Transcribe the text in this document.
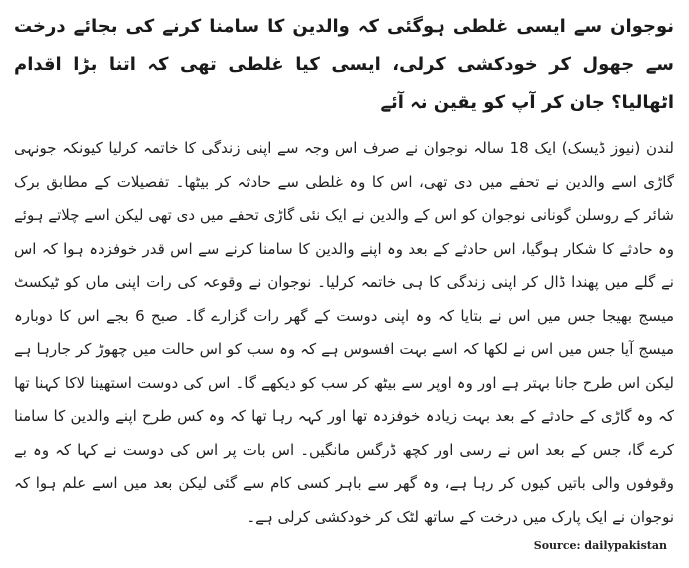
نوجوان سے ایسی غلطی ہوگئی کہ والدین کا سامنا کرنے کی بجائے درخت سے جھول کر خودکشی کرلی، ایسی کیا غلطی تھی کہ اتنا بڑا اقدام اٹھالیا؟ جان کر آپ کو یقین نہ آئے

لندن (نیوز ڈیسک) ایک 18 سالہ نوجوان نے صرف اس وجہ سے اپنی زندگی کا خاتمہ کرلیا کیونکہ جونہی گاڑی اسے والدین نے تحفے میں دی تھی، اس کا وہ غلطی سے حادثہ کر بیٹھا۔ تفصیلات کے مطابق برک شائر کے روسلن گونانی نوجوان کو اس کے والدین نے ایک نئی گاڑی تحفے میں دی تھی لیکن اسے چلاتے ہوئے وہ حادثے کا شکار ہوگیا، اس حادثے کے بعد وہ اپنے والدین کا سامنا کرنے سے اس قدر خوفزدہ ہوا کہ اس نے گلے میں پھندا ڈال کر اپنی زندگی کا ہی خاتمہ کرلیا۔ نوجوان نے وقوعہ کی رات اپنی ماں کو ٹیکسٹ میسج بھیجا جس میں اس نے بتایا کہ وہ اپنی دوست کے گھر رات گزارے گا۔ صبح 6 بجے اس کا دوبارہ میسج آیا جس میں اس نے لکھا کہ اسے بہت افسوس ہے کہ وہ سب کو اس حالت میں چھوڑ کر جارہا ہے لیکن اس طرح جانا بہتر ہے اور وہ اوپر سے بیٹھ کر سب کو دیکھے گا۔ اس کی دوست استھینا لاکا کہنا تھا کہ وہ گاڑی کے حادثے کے بعد بہت زیادہ خوفزدہ تھا اور کہہ رہا تھا کہ وہ کس طرح اپنے والدین کا سامنا کرے گا، جس کے بعد اس نے رسی اور کچھ ڈرگس مانگیں۔ اس بات پر اس کی دوست نے کہا کہ وہ بے وقوفوں والی باتیں کیوں کر رہا ہے، وہ گھر سے باہر کسی کام سے گئی لیکن بعد میں اسے علم ہوا کہ نوجوان نے ایک پارک میں درخت کے ساتھ لٹک کر خودکشی کرلی ہے۔

Source: dailypakistan
